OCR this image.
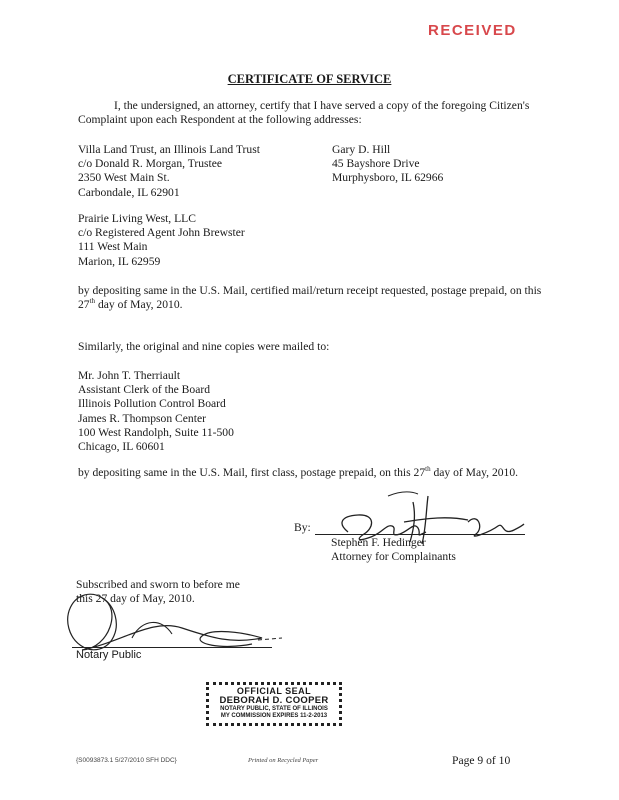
RECEIVED
CERTIFICATE OF SERVICE
I, the undersigned, an attorney, certify that I have served a copy of the foregoing Citizen's Complaint upon each Respondent at the following addresses:
Villa Land Trust, an Illinois Land Trust
c/o Donald R. Morgan, Trustee
2350 West Main St.
Carbondale, IL 62901
Gary D. Hill
45 Bayshore Drive
Murphysboro, IL 62966
Prairie Living West, LLC
c/o Registered Agent John Brewster
111 West Main
Marion, IL 62959
by depositing same in the U.S. Mail, certified mail/return receipt requested, postage prepaid, on this 27th day of May, 2010.
Similarly, the original and nine copies were mailed to:
Mr. John T. Therriault
Assistant Clerk of the Board
Illinois Pollution Control Board
James R. Thompson Center
100 West Randolph, Suite 11-500
Chicago, IL 60601
by depositing same in the U.S. Mail, first class, postage prepaid, on this 27th day of May, 2010.
By:
Stephen F. Hedinger
Attorney for Complainants
Subscribed and sworn to before me
this 27 day of May, 2010.
Notary Public
OFFICIAL SEAL
DEBORAH D. COOPER
NOTARY PUBLIC, STATE OF ILLINOIS
MY COMMISSION EXPIRES 11-2-2013
{S0093873.1 5/27/2010 SFH DDC}	Printed on Recycled Paper	Page 9 of 10
